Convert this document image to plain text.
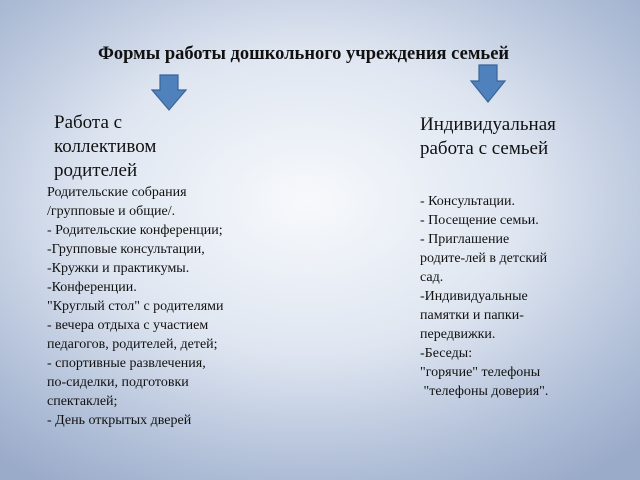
Формы работы дошкольного учреждения семьей
Работа с
коллективом
родителей
Индивидуальная
работа с семьей
Родительские собрания
/групповые и общие/.
- Родительские конференции;
-Групповые консультации,
-Кружки и практикумы.
-Конференции.
"Круглый стол" с родителями
- вечера отдыха с участием
педагогов, родителей, детей;
- спортивные развлечения,
по-сиделки, подготовки
спектаклей;
- День открытых дверей
- Консультации.
- Посещение семьи.
- Приглашение
родите-лей в детский
сад.
-Индивидуальные
памятки и папки-
передвижки.
-Беседы:
"горячие" телефоны
"телефоны доверия".
